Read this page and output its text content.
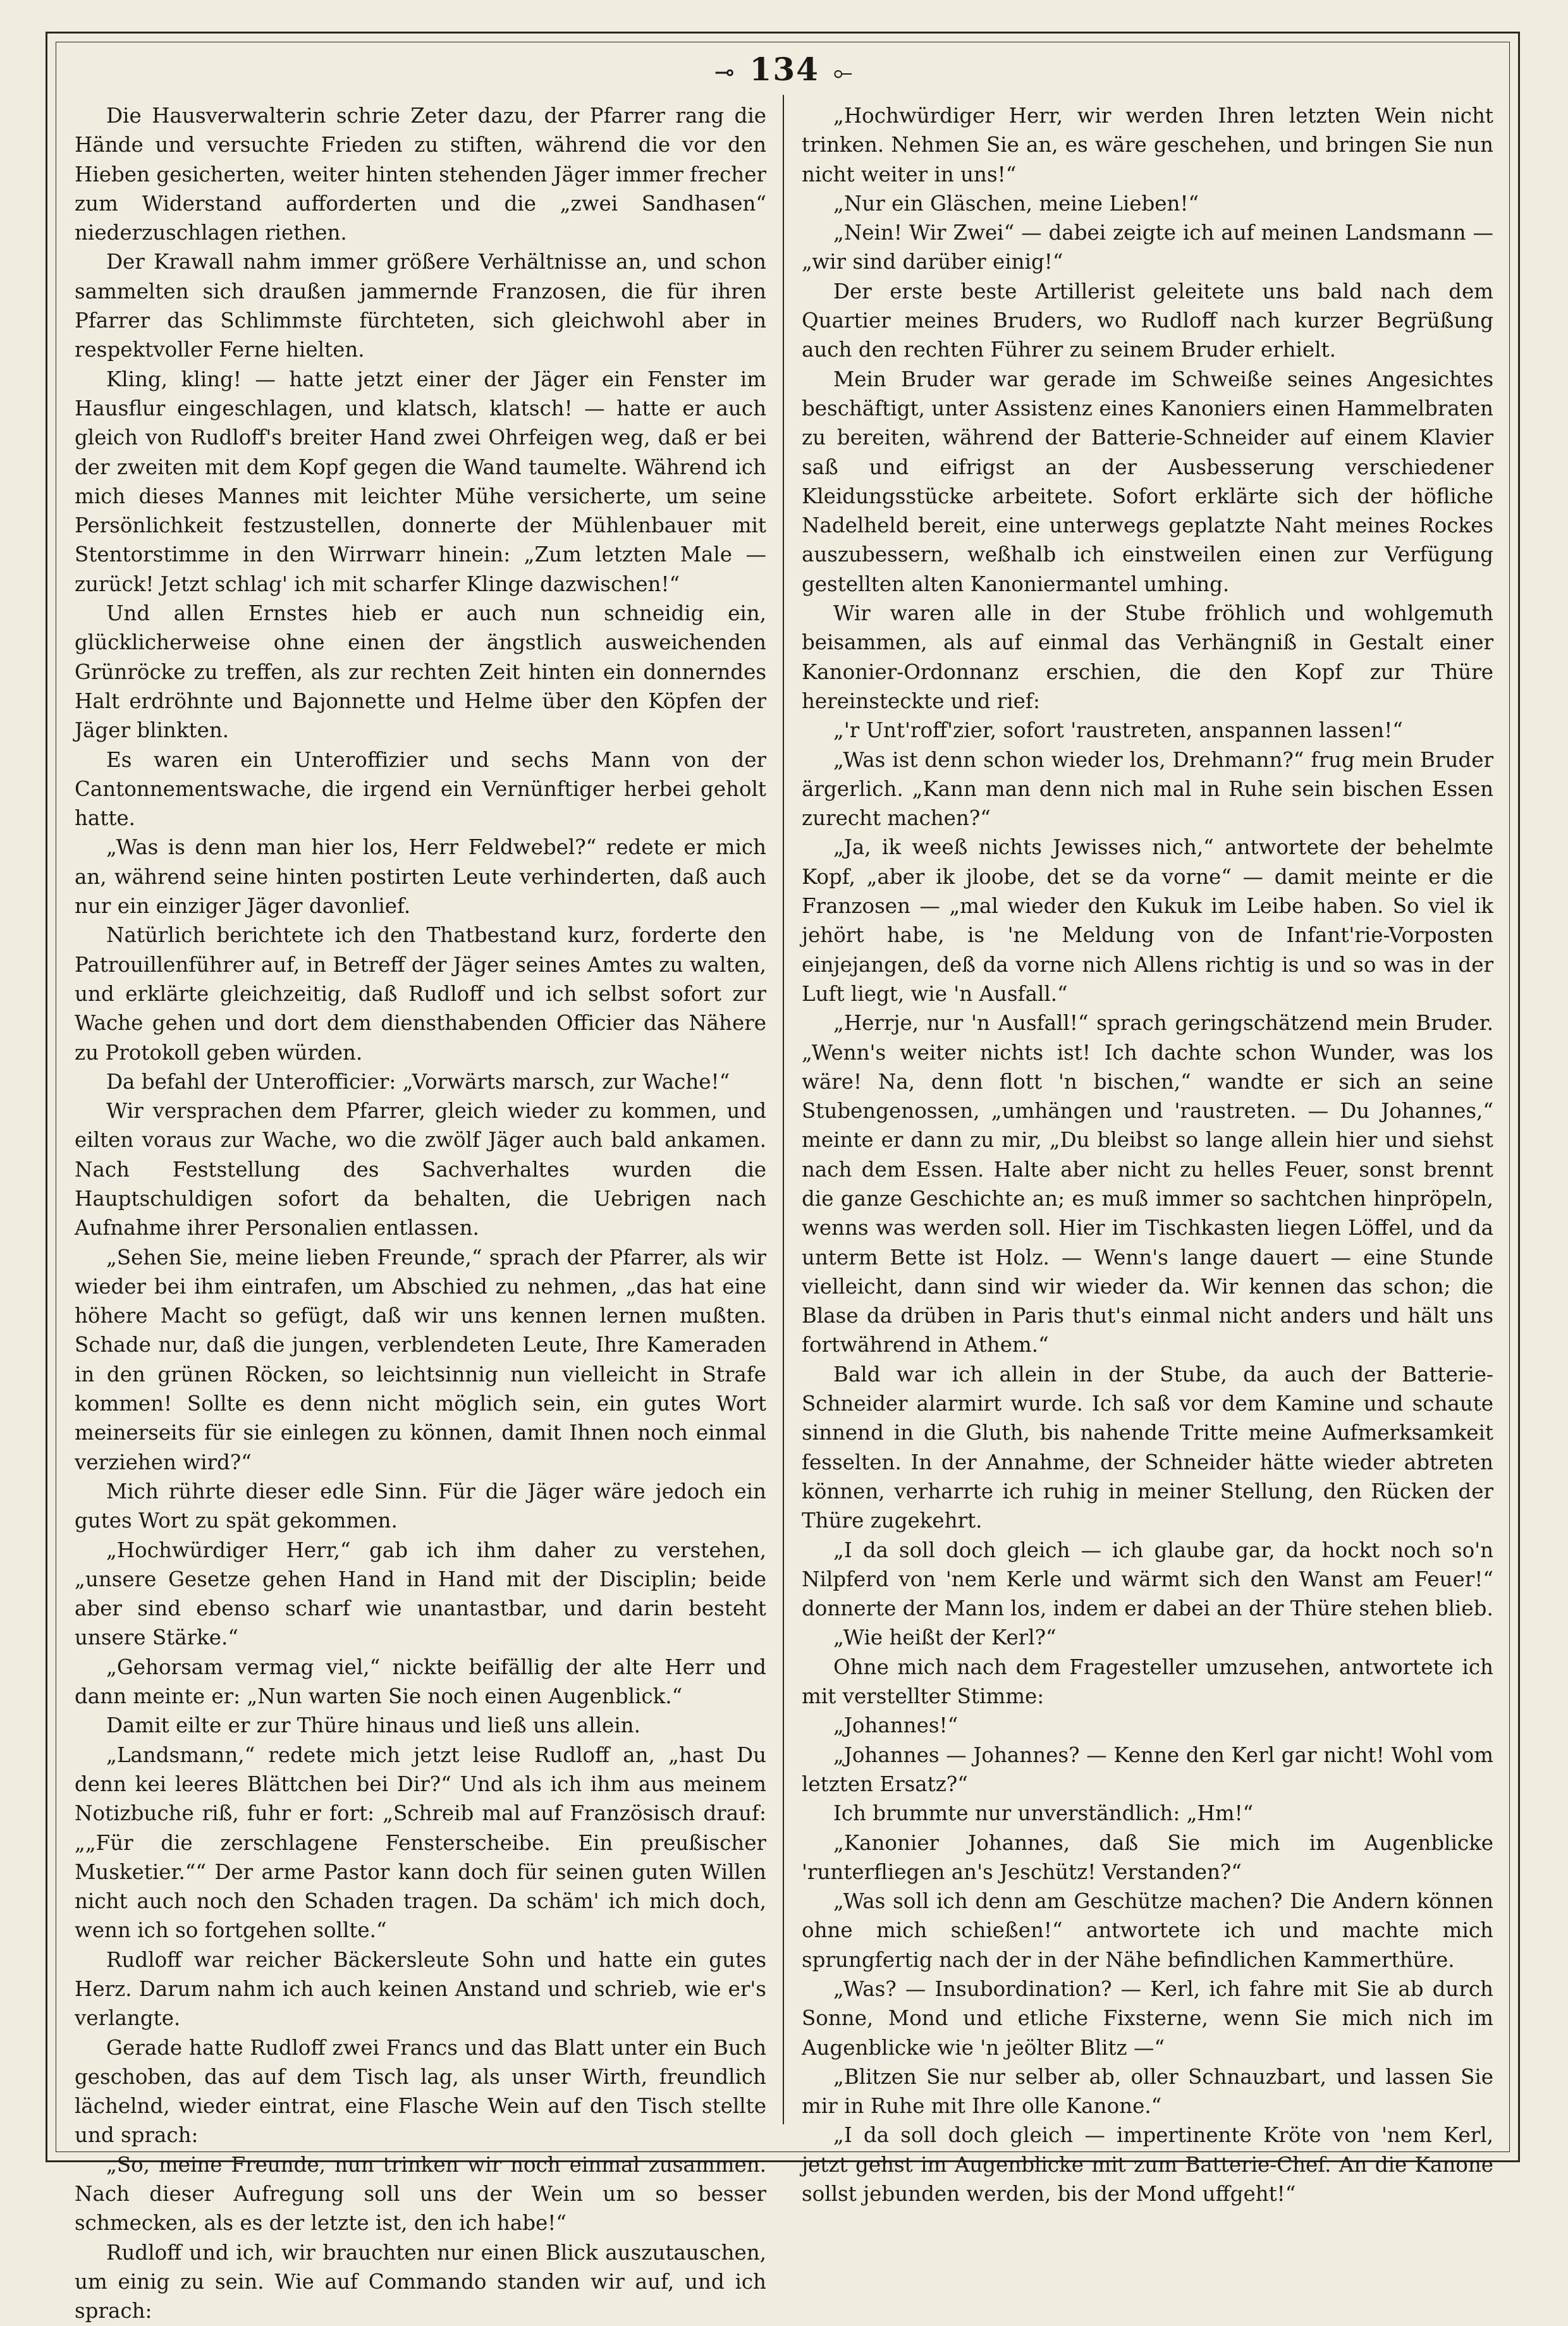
⊸ 134 ⟜

Die Hausverwalterin schrie Zeter dazu, der Pfarrer rang die Hände und versuchte Frieden zu stiften, während die vor den Hieben gesicherten, weiter hinten stehenden Jäger immer frecher zum Widerstand aufforderten und die „zwei Sandhasen“ niederzuschlagen riethen.

Der Krawall nahm immer größere Verhältnisse an, und schon sammelten sich draußen jammernde Franzosen, die für ihren Pfarrer das Schlimmste fürchteten, sich gleichwohl aber in respektvoller Ferne hielten.

Kling, kling! — hatte jetzt einer der Jäger ein Fenster im Hausflur eingeschlagen, und klatsch, klatsch! — hatte er auch gleich von Rudloff's breiter Hand zwei Ohrfeigen weg, daß er bei der zweiten mit dem Kopf gegen die Wand taumelte. Während ich mich dieses Mannes mit leichter Mühe versicherte, um seine Persönlichkeit festzustellen, donnerte der Mühlenbauer mit Stentorstimme in den Wirrwarr hinein: „Zum letzten Male — zurück! Jetzt schlag' ich mit scharfer Klinge dazwischen!“

Und allen Ernstes hieb er auch nun schneidig ein, glücklicherweise ohne einen der ängstlich ausweichenden Grünröcke zu treffen, als zur rechten Zeit hinten ein donnerndes Halt erdröhnte und Bajonnette und Helme über den Köpfen der Jäger blinkten.

Es waren ein Unteroffizier und sechs Mann von der Cantonnementswache, die irgend ein Vernünftiger herbei geholt hatte.

„Was is denn man hier los, Herr Feldwebel?“ redete er mich an, während seine hinten postirten Leute verhinderten, daß auch nur ein einziger Jäger davonlief.

Natürlich berichtete ich den Thatbestand kurz, forderte den Patrouillenführer auf, in Betreff der Jäger seines Amtes zu walten, und erklärte gleichzeitig, daß Rudloff und ich selbst sofort zur Wache gehen und dort dem diensthabenden Officier das Nähere zu Protokoll geben würden.

Da befahl der Unterofficier: „Vorwärts marsch, zur Wache!“

Wir versprachen dem Pfarrer, gleich wieder zu kommen, und eilten voraus zur Wache, wo die zwölf Jäger auch bald ankamen. Nach Feststellung des Sachverhaltes wurden die Hauptschuldigen sofort da behalten, die Uebrigen nach Aufnahme ihrer Personalien entlassen.

„Sehen Sie, meine lieben Freunde,“ sprach der Pfarrer, als wir wieder bei ihm eintrafen, um Abschied zu nehmen, „das hat eine höhere Macht so gefügt, daß wir uns kennen lernen mußten. Schade nur, daß die jungen, verblendeten Leute, Ihre Kameraden in den grünen Röcken, so leichtsinnig nun vielleicht in Strafe kommen! Sollte es denn nicht möglich sein, ein gutes Wort meinerseits für sie einlegen zu können, damit Ihnen noch einmal verziehen wird?“

Mich rührte dieser edle Sinn. Für die Jäger wäre jedoch ein gutes Wort zu spät gekommen.

„Hochwürdiger Herr,“ gab ich ihm daher zu verstehen, „unsere Gesetze gehen Hand in Hand mit der Disciplin; beide aber sind ebenso scharf wie unantastbar, und darin besteht unsere Stärke.“

„Gehorsam vermag viel,“ nickte beifällig der alte Herr und dann meinte er: „Nun warten Sie noch einen Augenblick.“

Damit eilte er zur Thüre hinaus und ließ uns allein.

„Landsmann,“ redete mich jetzt leise Rudloff an, „hast Du denn kei leeres Blättchen bei Dir?“ Und als ich ihm aus meinem Notizbuche riß, fuhr er fort: „Schreib mal auf Französisch drauf: „„Für die zerschlagene Fensterscheibe. Ein preußischer Musketier.““ Der arme Pastor kann doch für seinen guten Willen nicht auch noch den Schaden tragen. Da schäm' ich mich doch, wenn ich so fortgehen sollte.“

Rudloff war reicher Bäckersleute Sohn und hatte ein gutes Herz. Darum nahm ich auch keinen Anstand und schrieb, wie er's verlangte.

Gerade hatte Rudloff zwei Francs und das Blatt unter ein Buch geschoben, das auf dem Tisch lag, als unser Wirth, freundlich lächelnd, wieder eintrat, eine Flasche Wein auf den Tisch stellte und sprach:

„So, meine Freunde, nun trinken wir noch einmal zusammen. Nach dieser Aufregung soll uns der Wein um so besser schmecken, als es der letzte ist, den ich habe!“

Rudloff und ich, wir brauchten nur einen Blick auszutauschen, um einig zu sein. Wie auf Commando standen wir auf, und ich sprach:

„Hochwürdiger Herr, wir werden Ihren letzten Wein nicht trinken. Nehmen Sie an, es wäre geschehen, und bringen Sie nun nicht weiter in uns!“

„Nur ein Gläschen, meine Lieben!“

„Nein! Wir Zwei“ — dabei zeigte ich auf meinen Landsmann — „wir sind darüber einig!“

Der erste beste Artillerist geleitete uns bald nach dem Quartier meines Bruders, wo Rudloff nach kurzer Begrüßung auch den rechten Führer zu seinem Bruder erhielt.

Mein Bruder war gerade im Schweiße seines Angesichtes beschäftigt, unter Assistenz eines Kanoniers einen Hammelbraten zu bereiten, während der Batterie-Schneider auf einem Klavier saß und eifrigst an der Ausbesserung verschiedener Kleidungsstücke arbeitete. Sofort erklärte sich der höfliche Nadelheld bereit, eine unterwegs geplatzte Naht meines Rockes auszubessern, weßhalb ich einstweilen einen zur Verfügung gestellten alten Kanoniermantel umhing.

Wir waren alle in der Stube fröhlich und wohlgemuth beisammen, als auf einmal das Verhängniß in Gestalt einer Kanonier-Ordonnanz erschien, die den Kopf zur Thüre hereinsteckte und rief:

„'r Unt'roff'zier, sofort 'raustreten, anspannen lassen!“

„Was ist denn schon wieder los, Drehmann?“ frug mein Bruder ärgerlich. „Kann man denn nich mal in Ruhe sein bischen Essen zurecht machen?“

„Ja, ik weeß nichts Jewisses nich,“ antwortete der behelmte Kopf, „aber ik jloobe, det se da vorne“ — damit meinte er die Franzosen — „mal wieder den Kukuk im Leibe haben. So viel ik jehört habe, is 'ne Meldung von de Infant'rie-Vorposten einjejangen, deß da vorne nich Allens richtig is und so was in der Luft liegt, wie 'n Ausfall.“

„Herrje, nur 'n Ausfall!“ sprach geringschätzend mein Bruder. „Wenn's weiter nichts ist! Ich dachte schon Wunder, was los wäre! Na, denn flott 'n bischen,“ wandte er sich an seine Stubengenossen, „umhängen und 'raustreten. — Du Johannes,“ meinte er dann zu mir, „Du bleibst so lange allein hier und siehst nach dem Essen. Halte aber nicht zu helles Feuer, sonst brennt die ganze Geschichte an; es muß immer so sachtchen hinpröpeln, wenns was werden soll. Hier im Tischkasten liegen Löffel, und da unterm Bette ist Holz. — Wenn's lange dauert — eine Stunde vielleicht, dann sind wir wieder da. Wir kennen das schon; die Blase da drüben in Paris thut's einmal nicht anders und hält uns fortwährend in Athem.“

Bald war ich allein in der Stube, da auch der Batterie-Schneider alarmirt wurde. Ich saß vor dem Kamine und schaute sinnend in die Gluth, bis nahende Tritte meine Aufmerksamkeit fesselten. In der Annahme, der Schneider hätte wieder abtreten können, verharrte ich ruhig in meiner Stellung, den Rücken der Thüre zugekehrt.

„I da soll doch gleich — ich glaube gar, da hockt noch so'n Nilpferd von 'nem Kerle und wärmt sich den Wanst am Feuer!“ donnerte der Mann los, indem er dabei an der Thüre stehen blieb.

„Wie heißt der Kerl?“

Ohne mich nach dem Fragesteller umzusehen, antwortete ich mit verstellter Stimme:

„Johannes!“

„Johannes — Johannes? — Kenne den Kerl gar nicht! Wohl vom letzten Ersatz?“

Ich brummte nur unverständlich: „Hm!“

„Kanonier Johannes, daß Sie mich im Augenblicke 'runterfliegen an's Jeschütz! Verstanden?“

„Was soll ich denn am Geschütze machen? Die Andern können ohne mich schießen!“ antwortete ich und machte mich sprungfertig nach der in der Nähe befindlichen Kammerthüre.

„Was? — Insubordination? — Kerl, ich fahre mit Sie ab durch Sonne, Mond und etliche Fixsterne, wenn Sie mich nich im Augenblicke wie 'n jeölter Blitz —“

„Blitzen Sie nur selber ab, oller Schnauzbart, und lassen Sie mir in Ruhe mit Ihre olle Kanone.“

„I da soll doch gleich — impertinente Kröte von 'nem Kerl, jetzt gehst im Augenblicke mit zum Batterie-Chef. An die Kanone sollst jebunden werden, bis der Mond uffgeht!“
